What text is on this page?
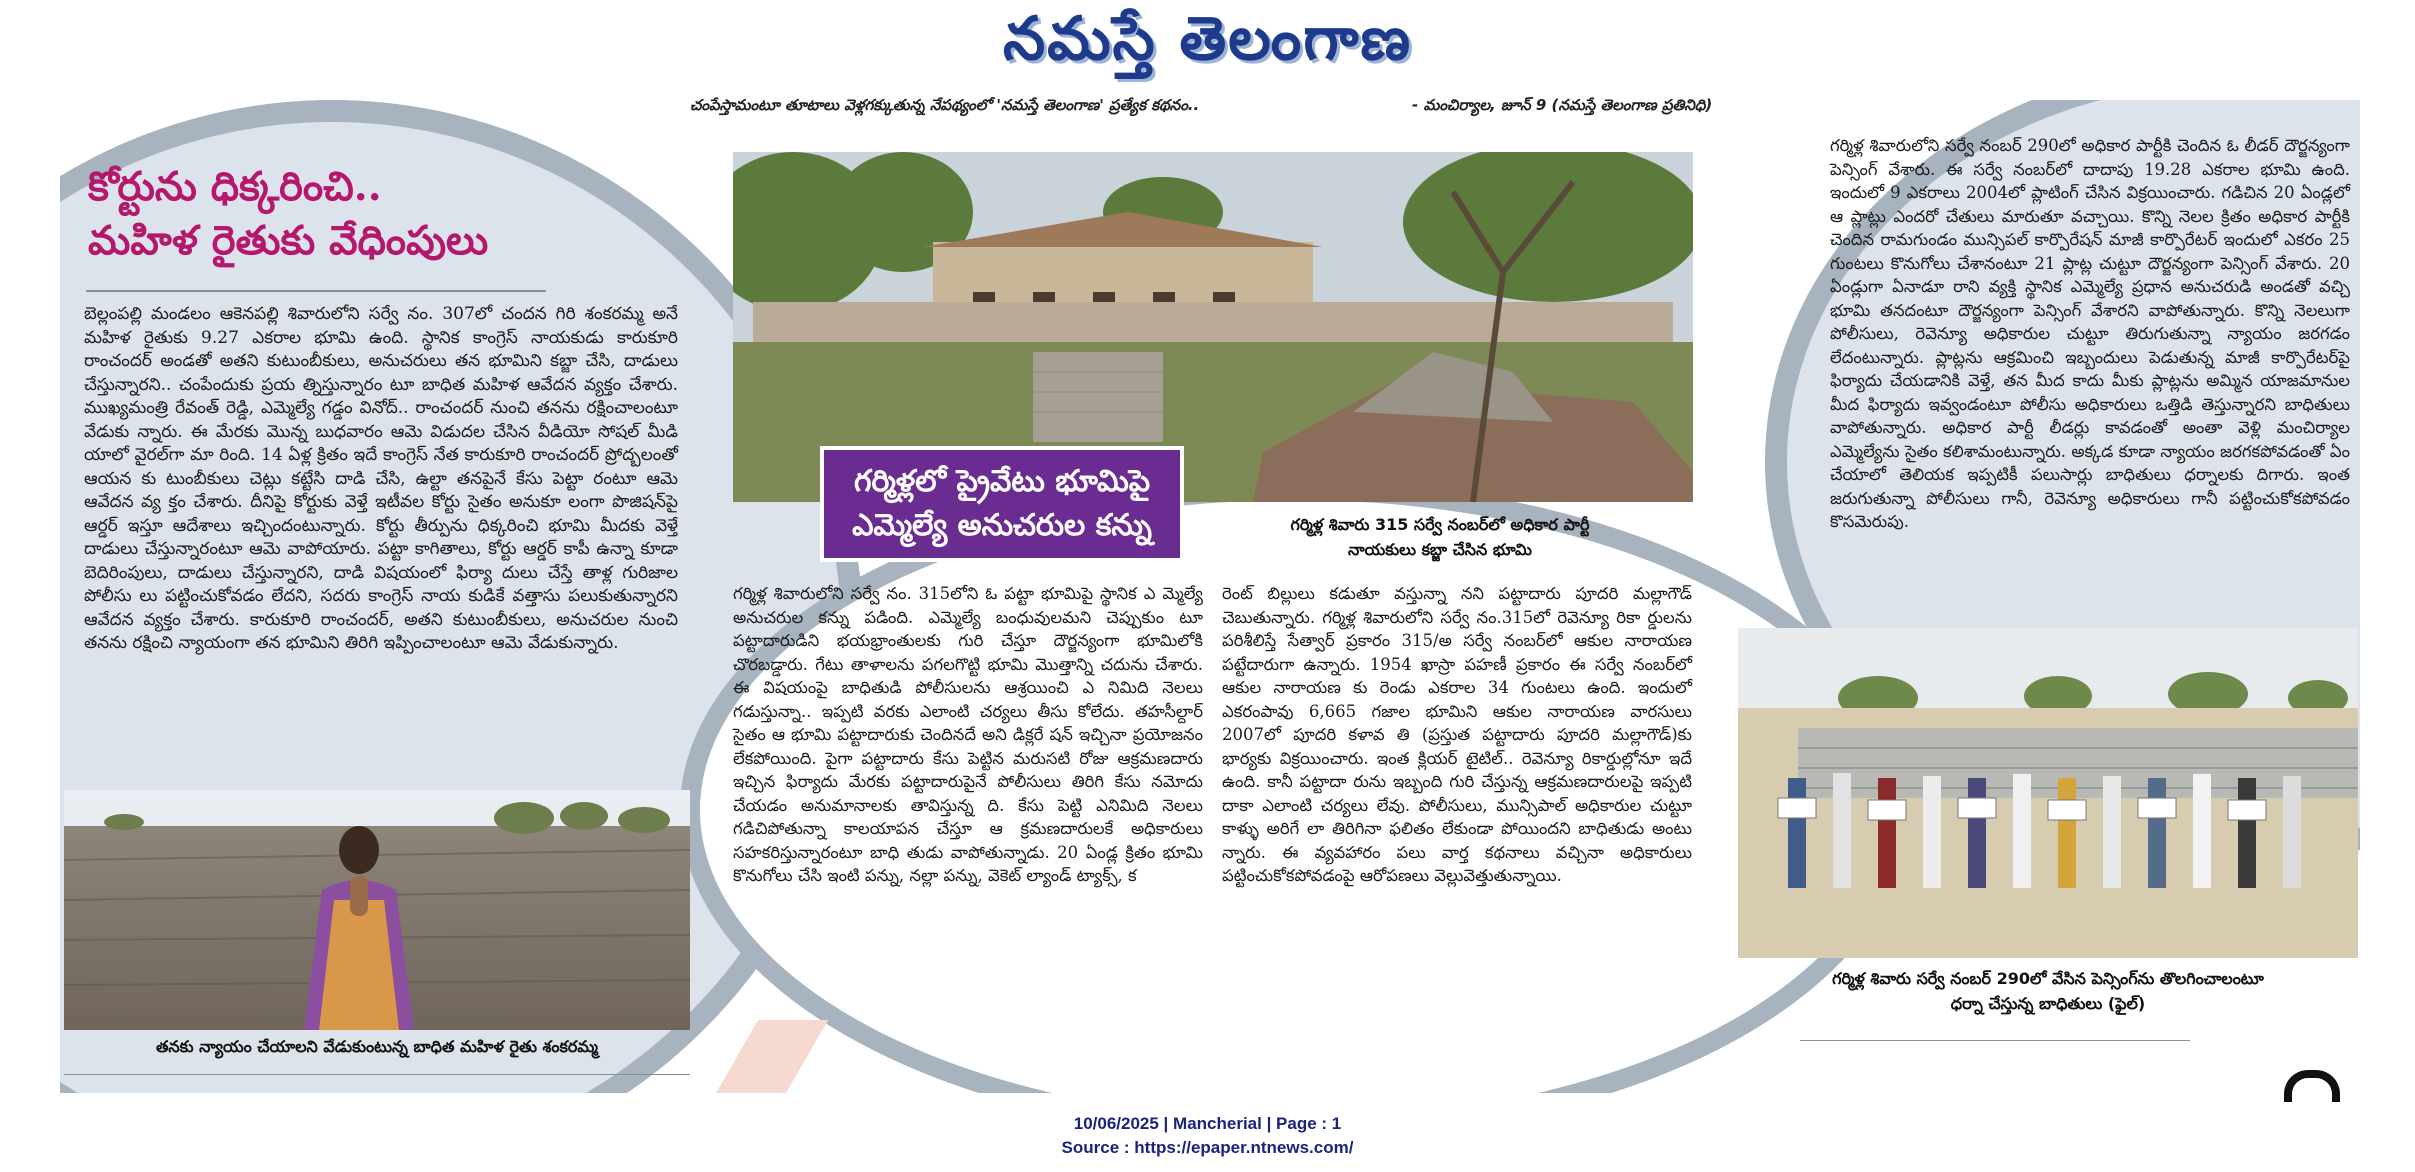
నమస్తే తెలంగాణ
చంపేస్తామంటూ తూటాలు వెళ్లగక్కుతున్న నేపథ్యంలో 'నమస్తే తెలంగాణ' ప్రత్యేక కథనం..	- మంచిర్యాల, జూన్ 9 (నమస్తే తెలంగాణ ప్రతినిధి)
కోర్టును ధిక్కరించి..
మహిళ రైతుకు వేధింపులు
బెల్లంపల్లి మండలం ఆకెనపల్లి శివారులోని సర్వే నం. 307లో చందన గిరి శంకరమ్మ అనే మహిళ రైతుకు 9.27 ఎకరాల భూమి ఉంది. స్థానిక కాంగ్రెస్ నాయకుడు కారుకూరి రాంచందర్ అండతో అతని కుటుంబీకులు, అనుచరులు తన భూమిని కబ్జా చేసి, దాడులు చేస్తున్నారని.. చంపేందుకు ప్రయ త్నిస్తున్నారం టూ బాధిత మహిళ ఆవేదన వ్యక్తం చేశారు. ముఖ్యమంత్రి రేవంత్ రెడ్డి, ఎమ్మెల్యే గడ్డం వినోద్.. రాంచందర్ నుంచి తనను రక్షించాలంటూ వేడుకు న్నారు. ఈ మేరకు మొన్న బుధవారం ఆమె విడుదల చేసిన వీడియో సోషల్ మీడి యాలో వైరల్‌గా మా రింది. 14 ఏళ్ల క్రితం ఇదే కాంగ్రెస్ నేత కారుకూరి రాంచందర్ ప్రోద్బలంతో ఆయన కు టుంబీకులు చెట్లు కట్టేసి దాడి చేసి, ఉల్టా తనపైనే కేసు పెట్టా రంటూ ఆమె ఆవేదన వ్య క్తం చేశారు. దీనిపై కోర్టుకు వెళ్తే ఇటీవల కోర్టు సైతం అనుకూ లంగా పొజిషన్‌పై ఆర్డర్ ఇస్తూ ఆదేశాలు ఇచ్చిందంటున్నారు. కోర్టు తీర్పును ధిక్కరించి భూమి మీదకు వెళ్తే దాడులు చేస్తున్నారంటూ ఆమె వాపోయారు. పట్టా కాగితాలు, కోర్టు ఆర్డర్ కాపీ ఉన్నా కూడా బెదిరింపులు, దాడులు చేస్తున్నారని, దాడి విషయంలో ఫిర్యా దులు చేస్తే తాళ్ల గురిజాల పోలీసు లు పట్టించుకోవడం లేదని, సదరు కాంగ్రెస్ నాయ కుడికే వత్తాసు పలుకుతున్నారని ఆవేదన వ్యక్తం చేశారు. కారుకూరి రాంచందర్, అతని కుటుంబీకులు, అనుచరుల నుంచి తనను రక్షించి న్యాయంగా తన భూమిని తిరిగి ఇప్పించాలంటూ ఆమె వేడుకున్నారు.
తనకు న్యాయం చేయాలని వేడుకుంటున్న బాధిత మహిళ రైతు శంకరమ్మ
గర్మిళ్లలో ప్రైవేటు భూమిపై
ఎమ్మెల్యే అనుచరుల కన్ను	గర్మిళ్ల శివారు 315 సర్వే నంబర్‌లో అధికార పార్టీ
నాయకులు కబ్జా చేసిన భూమి
గర్మిళ్ల శివారులోని సర్వే నం. 315లోని ఓ పట్టా భూమిపై స్థానిక ఎ మ్మెల్యే అనుచరుల కన్ను పడింది. ఎమ్మెల్యే బంధువులమని చెప్పుకుం టూ పట్టాదారుడిని భయభ్రాంతులకు గురి చేస్తూ దౌర్జన్యంగా భూమిలోకి చొరబడ్డారు. గేటు తాళాలను పగలగొట్టి భూమి మొత్తాన్ని చదును చేశారు. ఈ విషయంపై బాధితుడి పోలీసులను ఆశ్రయించి ఎ నిమిది నెలలు గడుస్తున్నా.. ఇప్పటి వరకు ఎలాంటి చర్యలు తీసు కోలేదు. తహసీల్దార్ సైతం ఆ భూమి పట్టాదారుకు చెందినదే అని డిక్లరే షన్ ఇచ్చినా ప్రయోజనం లేకపోయింది. పైగా పట్టాదారు కేసు పెట్టిన మరుసటి రోజు ఆక్రమణదారు ఇచ్చిన ఫిర్యాదు మేరకు పట్టాదారుపైనే పోలీసులు తిరిగి కేసు నమోదు చేయడం అనుమానాలకు తావిస్తున్న ది. కేసు పెట్టి ఎనిమిది నెలలు గడిచిపోతున్నా కాలయాపన చేస్తూ ఆ క్రమణదారులకే అధికారులు సహకరిస్తున్నారంటూ బాధి తుడు వాపోతున్నాడు. 20 ఏండ్ల క్రితం భూమి కొనుగోలు చేసి ఇంటి పన్ను, నల్లా పన్ను, వెకెట్ ల్యాండ్ ట్యాక్స్, క
రెంట్ బిల్లులు కడుతూ వస్తున్నా నని పట్టాదారు పూదరి మల్లాగౌడ్ చెబుతున్నారు. గర్మిళ్ల శివారులోని సర్వే నం.315లో రెవెన్యూ రికా ర్డులను పరిశీలిస్తే సేత్వార్ ప్రకారం 315/అ సర్వే నంబర్‌లో ఆకుల నారాయణ పట్టేదారుగా ఉన్నారు. 1954 ఖాస్రా పహణీ ప్రకారం ఈ సర్వే నంబర్‌లో ఆకుల నారాయణ కు రెండు ఎకరాల 34 గుంటలు ఉంది. ఇందులో ఎకరంపావు 6,665 గజాల భూమిని ఆకుల నారాయణ వారసులు 2007లో పూదరి కళావ తి (ప్రస్తుత పట్టాదారు పూదరి మల్లాగౌడ్)కు భార్యకు విక్రయించారు. ఇంత క్లియర్ టైటిల్.. రెవెన్యూ రికార్డుల్లోనూ ఇదే ఉంది. కానీ పట్టాదా రును ఇబ్బంది గురి చేస్తున్న ఆక్రమణదారులపై ఇప్పటి దాకా ఎలాంటి చర్యలు లేవు. పోలీసులు, మున్సిపాల్ అధికారుల చుట్టూ కాళ్ళు అరిగే లా తిరిగినా ఫలితం లేకుండా పోయిందని బాధితుడు అంటు న్నారు. ఈ వ్యవహారం పలు వార్త కథనాలు వచ్చినా అధికారులు పట్టించుకోకపోవడంపై ఆరోపణలు వెల్లువెత్తుతున్నాయి.
గర్మిళ్ల శివారులోని సర్వే నంబర్ 290లో అధికార పార్టీకి చెందిన ఓ లీడర్ దౌర్జన్యంగా పెన్సింగ్ వేశారు. ఈ సర్వే నంబర్‌లో దాదాపు 19.28 ఎకరాల భూమి ఉంది. ఇందులో 9 ఎకరాలు 2004లో ప్లాటింగ్ చేసిన విక్రయించారు. గడిచిన 20 ఏండ్లలో ఆ ప్లాట్లు ఎందరో చేతులు మారుతూ వచ్చాయి. కొన్ని నెలల క్రితం అధికార పార్టీకి చెందిన రామగుండం మున్సిపల్ కార్పొరేషన్ మాజీ కార్పొరేటర్ ఇందులో ఎకరం 25 గుంటలు కొనుగోలు చేశానంటూ 21 ప్లాట్ల చుట్టూ దౌర్జన్యంగా పెన్సింగ్ వేశారు. 20 ఏండ్లుగా ఏనాడూ రాని వ్యక్తి స్థానిక ఎమ్మెల్యే ప్రధాన అనుచరుడి అండతో వచ్చి భూమి తనదంటూ దౌర్జన్యంగా పెన్సింగ్ వేశారని వాపోతున్నారు. కొన్ని నెలలుగా పోలీసులు, రెవెన్యూ అధికారుల చుట్టూ తిరుగుతున్నా న్యాయం జరగడం లేదంటున్నారు. ప్లాట్లను ఆక్రమించి ఇబ్బందులు పెడుతున్న మాజీ కార్పొరేటర్‌పై ఫిర్యాదు చేయడానికి వెళ్తే, తన మీద కాదు మీకు ప్లాట్లను అమ్మిన యాజమానుల మీద ఫిర్యాదు ఇవ్వండంటూ పోలీసు అధికారులు ఒత్తిడి తెస్తున్నారని బాధితులు వాపోతున్నారు. అధికార పార్టీ లీడర్లు కావడంతో అంతా వెళ్లి మంచిర్యాల ఎమ్మెల్యేను సైతం కలిశామంటున్నారు. అక్కడ కూడా న్యాయం జరగకపోవడంతో ఏం చేయాలో తెలియక ఇప్పటికీ పలుసార్లు బాధితులు ధర్నాలకు దిగారు. ఇంత జరుగుతున్నా పోలీసులు గానీ, రెవెన్యూ అధికారులు గానీ పట్టించుకోకపోవడం కొసమెరుపు.
గర్మిళ్ల శివారు సర్వే నంబర్ 290లో వేసిన పెన్సింగ్‌ను తొలగించాలంటూ
ధర్నా చేస్తున్న బాధితులు (ఫైల్)
10/06/2025 | Mancherial | Page : 1
Source : https://epaper.ntnews.com/
